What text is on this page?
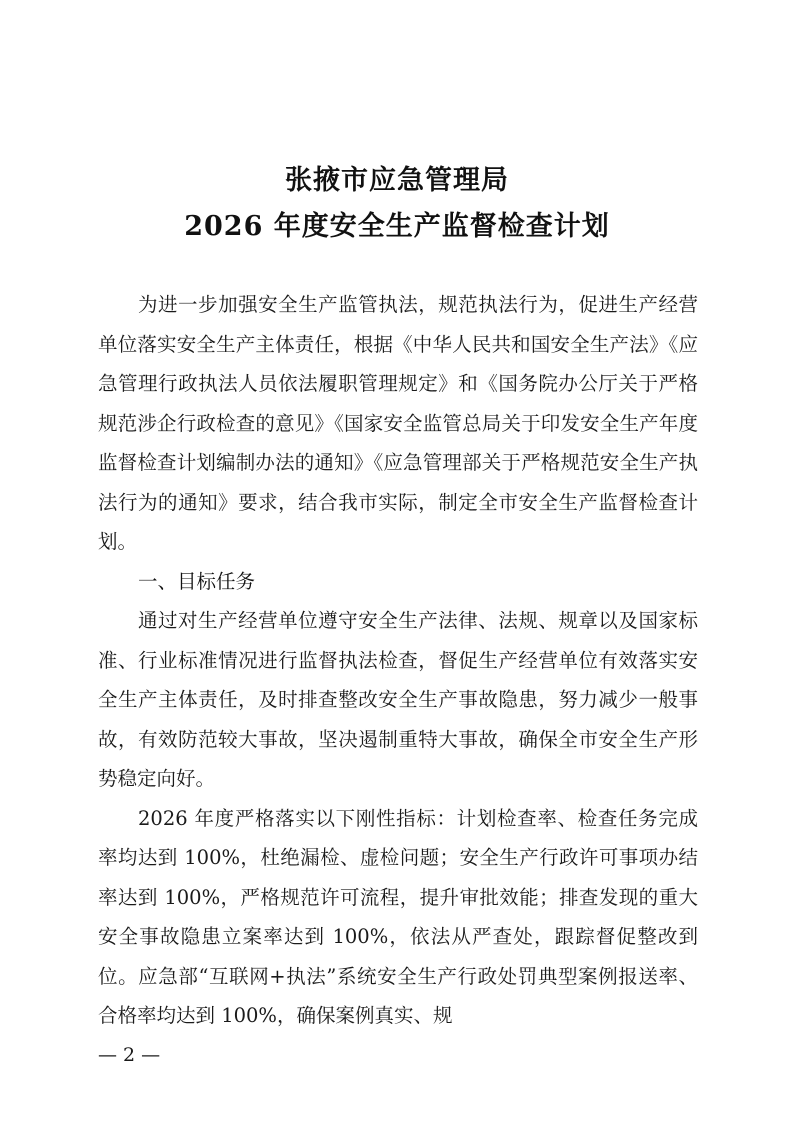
张掖市应急管理局
2026 年度安全生产监督检查计划

为进一步加强安全生产监管执法，规范执法行为，促进生产经营单位落实安全生产主体责任，根据《中华人民共和国安全生产法》《应急管理行政执法人员依法履职管理规定》和《国务院办公厅关于严格规范涉企行政检查的意见》《国家安全监管总局关于印发安全生产年度监督检查计划编制办法的通知》《应急管理部关于严格规范安全生产执法行为的通知》要求，结合我市实际，制定全市安全生产监督检查计划。

一、目标任务

通过对生产经营单位遵守安全生产法律、法规、规章以及国家标准、行业标准情况进行监督执法检查，督促生产经营单位有效落实安全生产主体责任，及时排查整改安全生产事故隐患，努力减少一般事故，有效防范较大事故，坚决遏制重特大事故，确保全市安全生产形势稳定向好。

2026 年度严格落实以下刚性指标：计划检查率、检查任务完成率均达到 100%，杜绝漏检、虚检问题；安全生产行政许可事项办结率达到 100%，严格规范许可流程，提升审批效能；排查发现的重大安全事故隐患立案率达到 100%，依法从严查处，跟踪督促整改到位。应急部“互联网+执法”系统安全生产行政处罚典型案例报送率、合格率均达到 100%，确保案例真实、规

— 2 —
